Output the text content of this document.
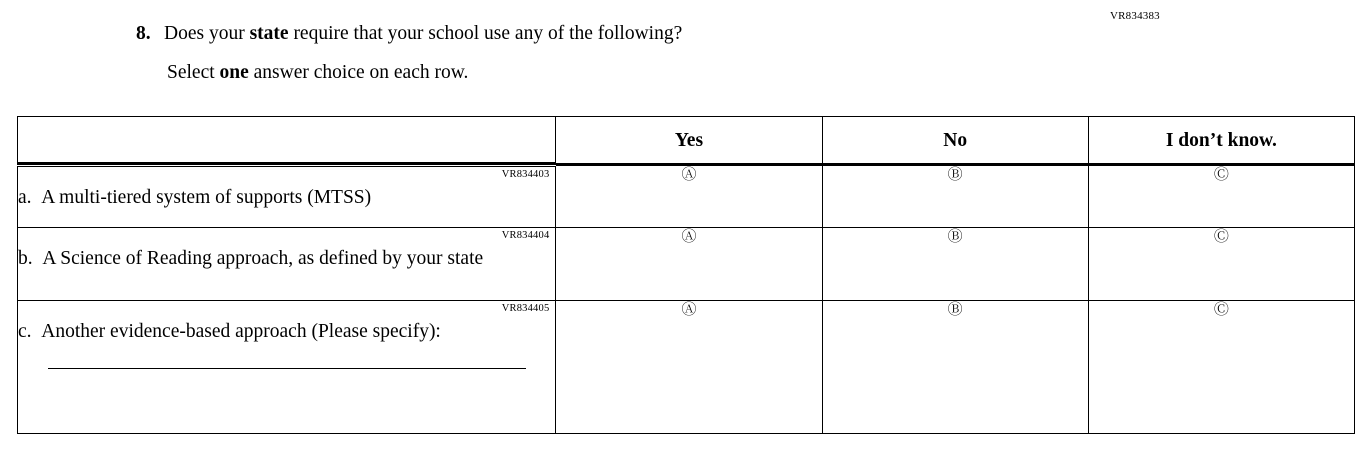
VR834383
8. Does your state require that your school use any of the following?
Select one answer choice on each row.
	Yes	No	I don’t know.

VR834403
a. A multi-tiered system of supports (MTSS)	Ⓐ	Ⓑ	Ⓒ

VR834404
b. A Science of Reading approach, as defined by your state	Ⓐ	Ⓑ	Ⓒ

VR834405
c. Another evidence-based approach (Please specify):	Ⓐ	Ⓑ	Ⓒ
